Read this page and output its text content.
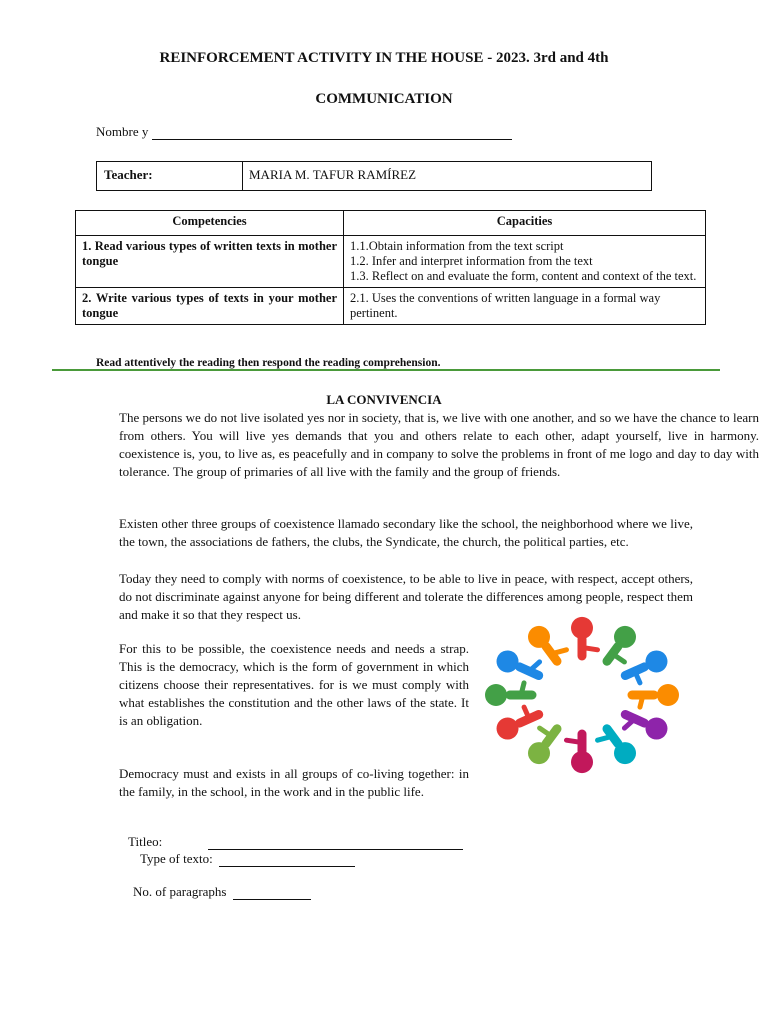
REINFORCEMENT ACTIVITY IN THE HOUSE - 2023. 3rd and 4th
COMMUNICATION
Nombre y
Teacher:	MARIA M. TAFUR RAMÍREZ
Competencies	Capacities
1. Read various types of written texts in mother tongue	1.1.Obtain information from the text script
1.2. Infer and interpret information from the text
1.3. Reflect on and evaluate the form, content and context of the text.

2. Write various types of texts in your mother tongue	2.1. Uses the conventions of written language in a formal way pertinent.
Read attentively the reading then respond the reading comprehension.
LA CONVIVENCIA
The persons we do not live isolated yes nor in society, that is, we live with one another, and so we have the chance to learn from others. You will live yes demands that you and others relate to each other, adapt yourself, live in harmony. coexistence is, you, to live as, es peacefully and in company to solve the problems in front of me logo and day to day with tolerance. The group of primaries of all live with the family and the group of friends.
Existen other three groups of coexistence llamado secondary like the school, the neighborhood where we live, the town, the associations de fathers, the clubs, the Syndicate, the church, the political parties, etc.
Today they need to comply with norms of coexistence, to be able to live in peace, with respect, accept others, do not discriminate against anyone for being different and tolerate the differences among people, respect them and make it so that they respect us.
For this to be possible, the coexistence needs and needs a strap. This is the democracy, which is the form of government in which citizens choose their representatives. for is we must comply with what establishes the constitution and the other laws of the state. It is an obligation.
Democracy must and exists in all groups of co-living together: in the family, in the school, in the work and in the public life.
Titleo:
Type of texto:
No. of paragraphs
